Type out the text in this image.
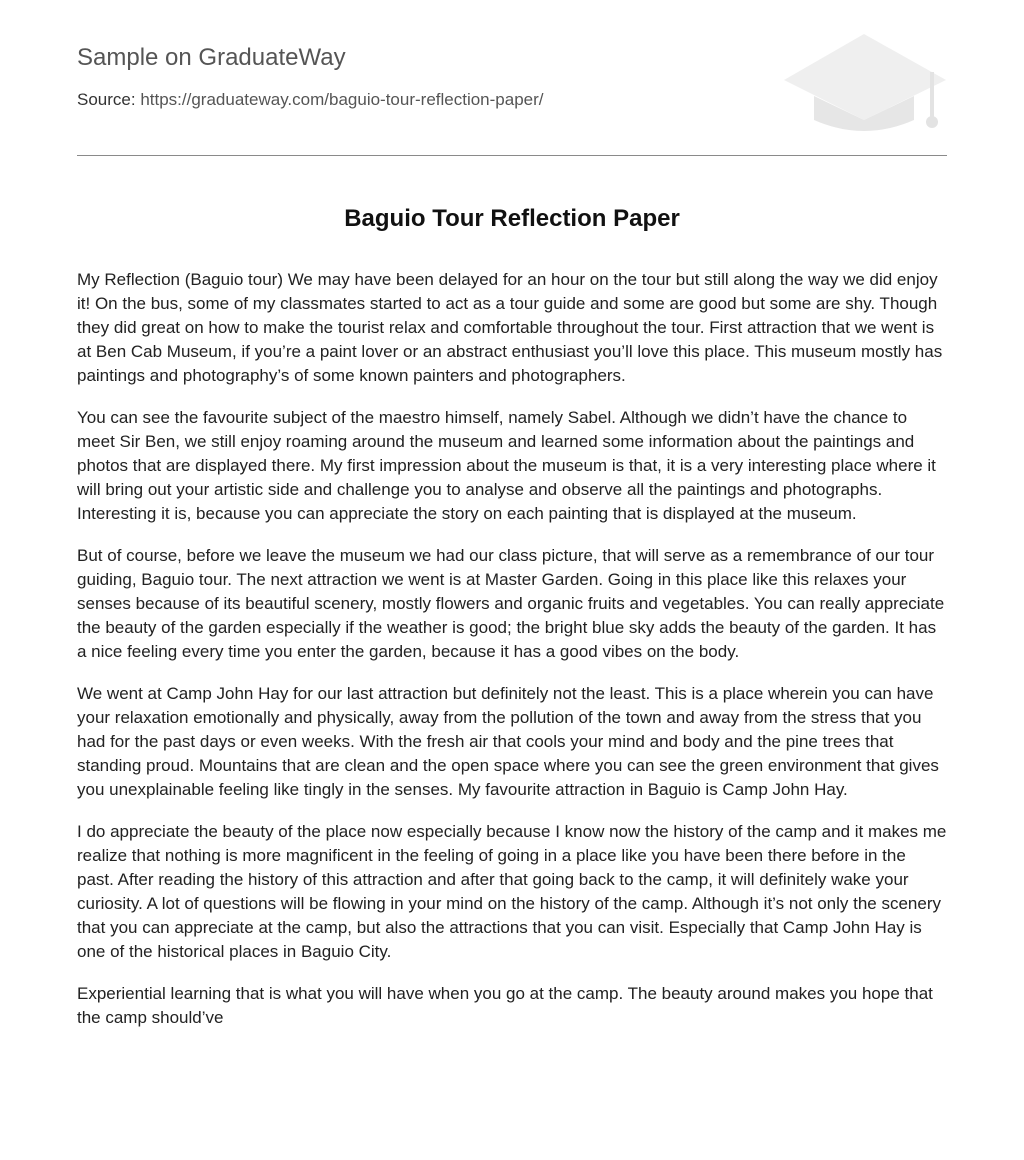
Sample on GraduateWay
Source: https://graduateway.com/baguio-tour-reflection-paper/
Baguio Tour Reflection Paper

My Reflection (Baguio tour) We may have been delayed for an hour on the tour but still along the way we did enjoy it! On the bus, some of my classmates started to act as a tour guide and some are good but some are shy. Though they did great on how to make the tourist relax and comfortable throughout the tour. First attraction that we went is at Ben Cab Museum, if you’re a paint lover or an abstract enthusiast you’ll love this place. This museum mostly has paintings and photography’s of some known painters and photographers.

You can see the favourite subject of the maestro himself, namely Sabel. Although we didn’t have the chance to meet Sir Ben, we still enjoy roaming around the museum and learned some information about the paintings and photos that are displayed there. My first impression about the museum is that, it is a very interesting place where it will bring out your artistic side and challenge you to analyse and observe all the paintings and photographs. Interesting it is, because you can appreciate the story on each painting that is displayed at the museum.

But of course, before we leave the museum we had our class picture, that will serve as a remembrance of our tour guiding, Baguio tour. The next attraction we went is at Master Garden. Going in this place like this relaxes your senses because of its beautiful scenery, mostly flowers and organic fruits and vegetables. You can really appreciate the beauty of the garden especially if the weather is good; the bright blue sky adds the beauty of the garden. It has a nice feeling every time you enter the garden, because it has a good vibes on the body.

We went at Camp John Hay for our last attraction but definitely not the least. This is a place wherein you can have your relaxation emotionally and physically, away from the pollution of the town and away from the stress that you had for the past days or even weeks. With the fresh air that cools your mind and body and the pine trees that standing proud. Mountains that are clean and the open space where you can see the green environment that gives you unexplainable feeling like tingly in the senses. My favourite attraction in Baguio is Camp John Hay.

I do appreciate the beauty of the place now especially because I know now the history of the camp and it makes me realize that nothing is more magnificent in the feeling of going in a place like you have been there before in the past. After reading the history of this attraction and after that going back to the camp, it will definitely wake your curiosity. A lot of questions will be flowing in your mind on the history of the camp. Although it’s not only the scenery that you can appreciate at the camp, but also the attractions that you can visit. Especially that Camp John Hay is one of the historical places in Baguio City.

Experiential learning that is what you will have when you go at the camp. The beauty around makes you hope that the camp should’ve
